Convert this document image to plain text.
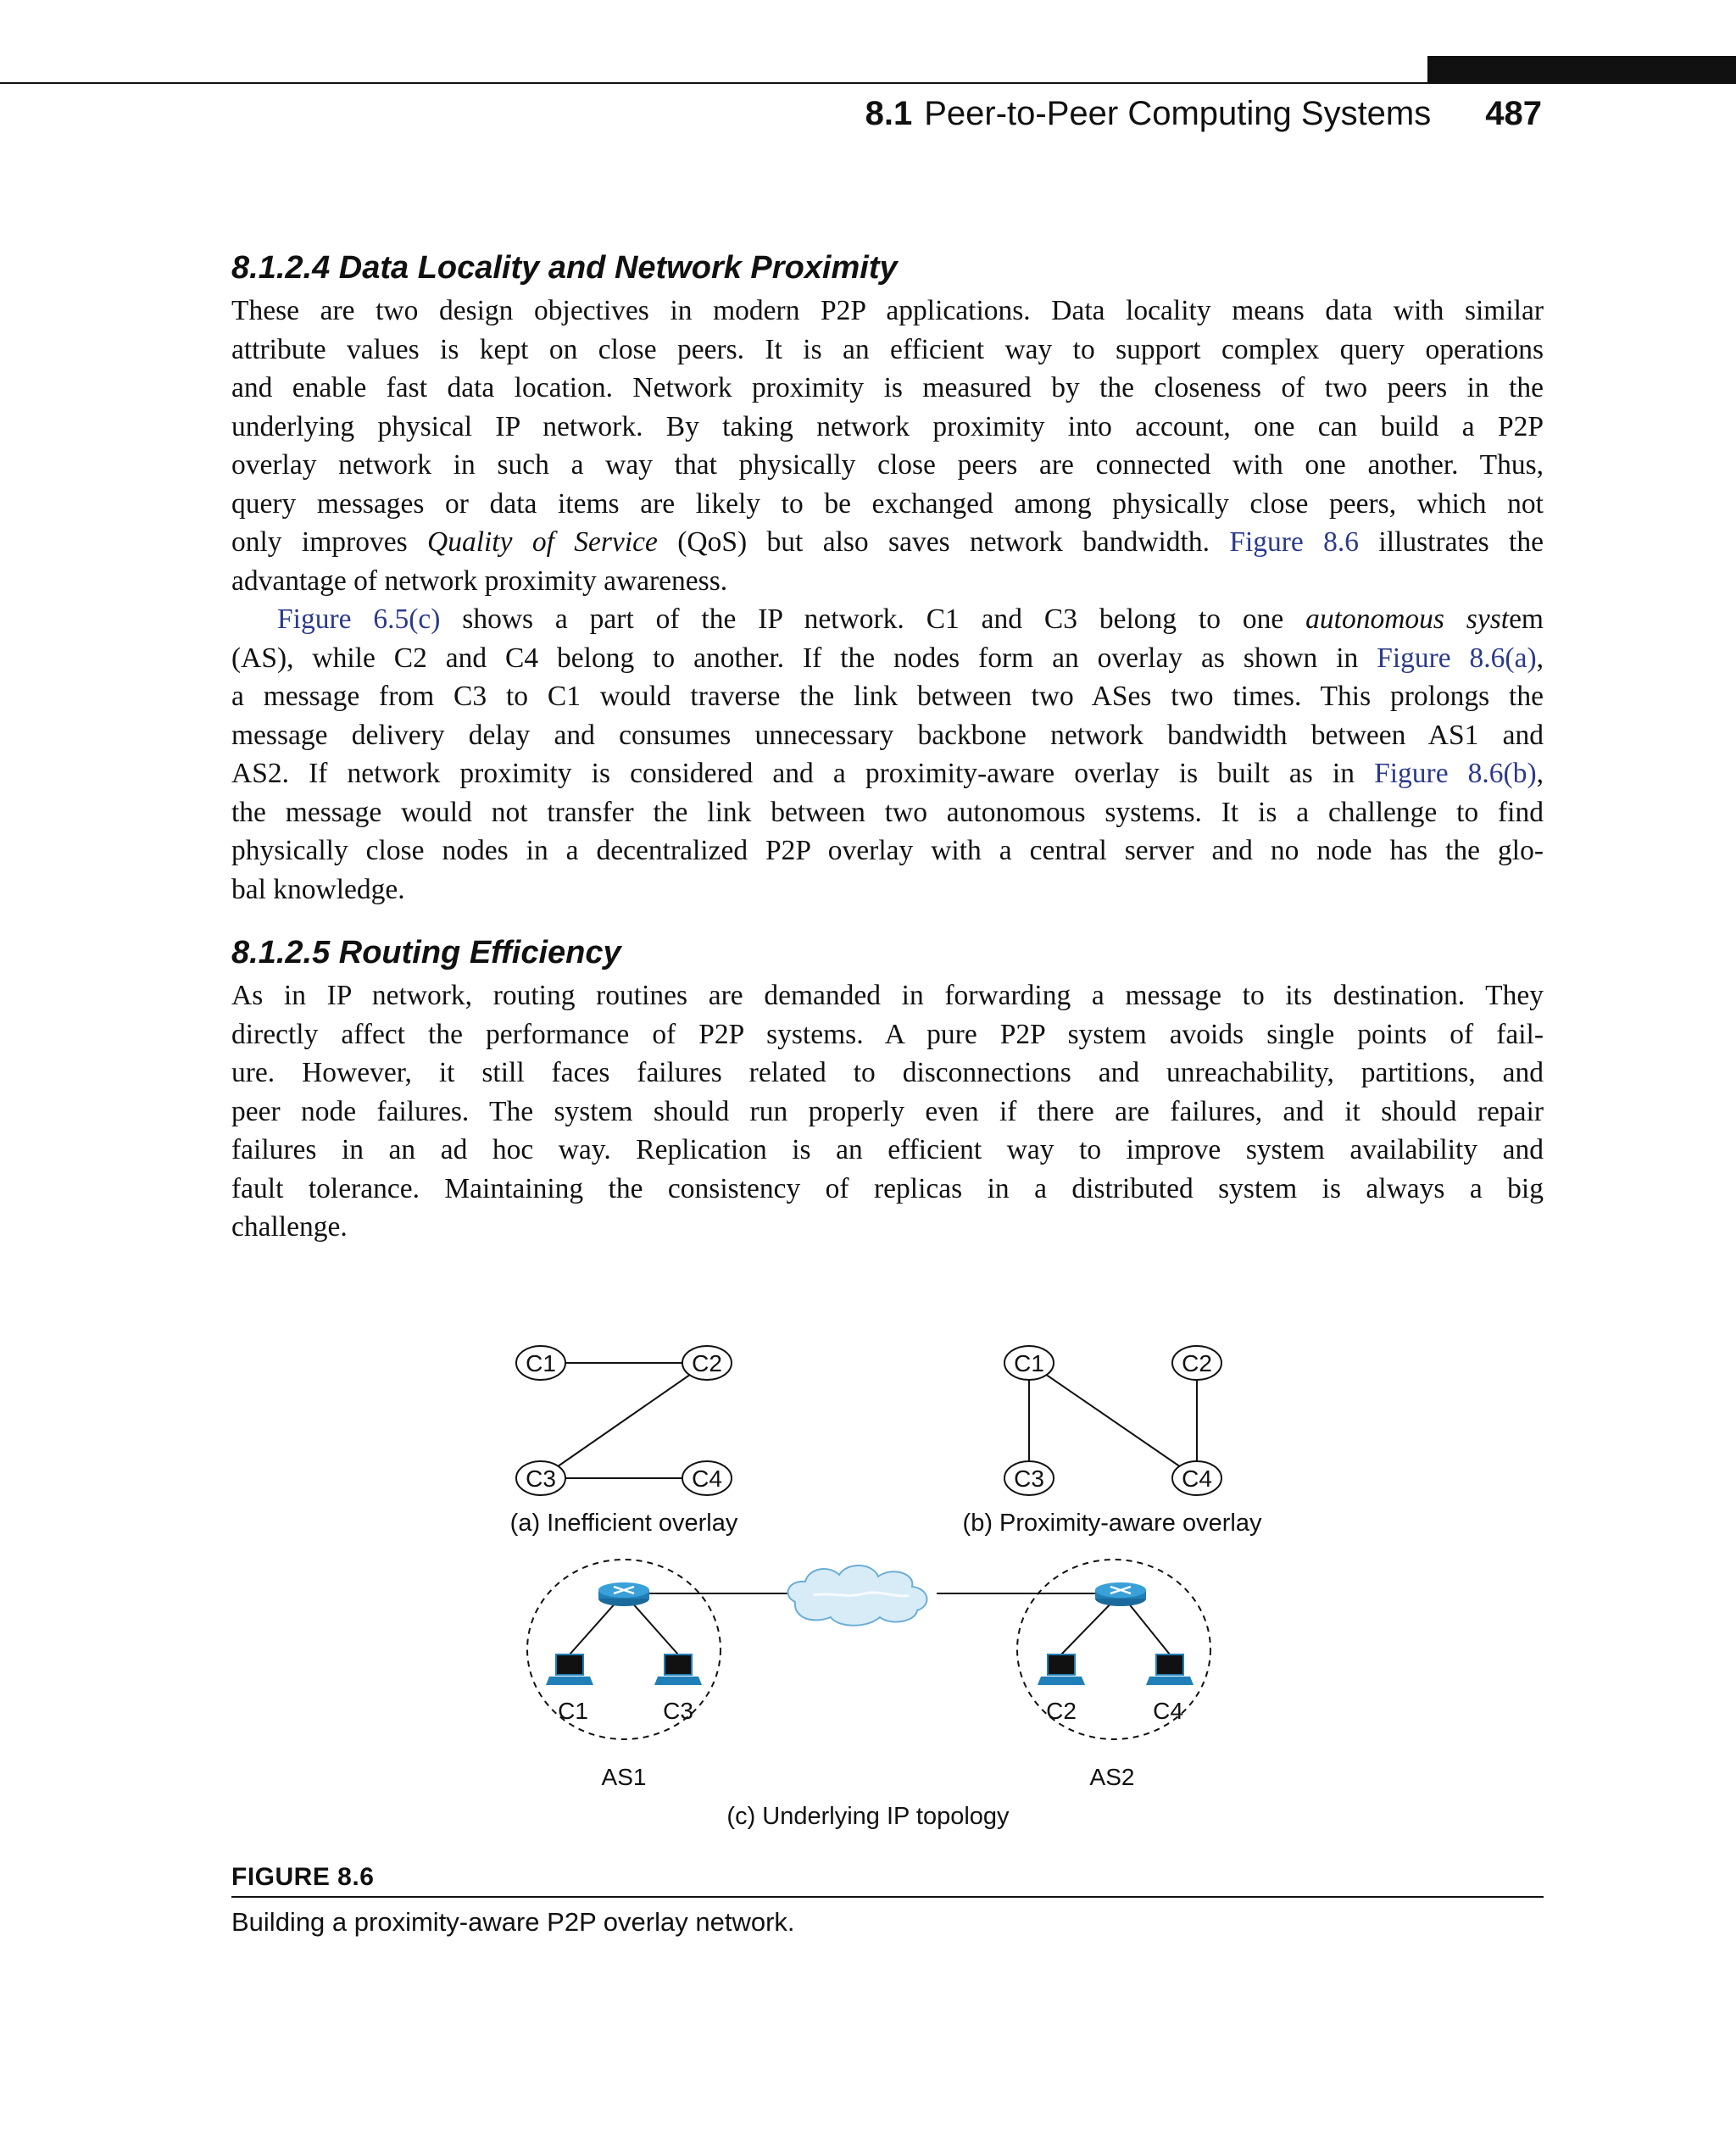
8.1 Peer-to-Peer Computing Systems 487
8.1.2.4 Data Locality and Network Proximity

These are two design objectives in modern P2P applications. Data locality means data with similar
attribute values is kept on close peers. It is an efficient way to support complex query operations
and enable fast data location. Network proximity is measured by the closeness of two peers in the
underlying physical IP network. By taking network proximity into account, one can build a P2P
overlay network in such a way that physically close peers are connected with one another. Thus,
query messages or data items are likely to be exchanged among physically close peers, which not
only improves Quality of Service (QoS) but also saves network bandwidth. Figure 8.6 illustrates the
advantage of network proximity awareness.

Figure 6.5(c) shows a part of the IP network. C1 and C3 belong to one autonomous system
(AS), while C2 and C4 belong to another. If the nodes form an overlay as shown in Figure 8.6(a),
a message from C3 to C1 would traverse the link between two ASes two times. This prolongs the
message delivery delay and consumes unnecessary backbone network bandwidth between AS1 and
AS2. If network proximity is considered and a proximity-aware overlay is built as in Figure 8.6(b),
the message would not transfer the link between two autonomous systems. It is a challenge to find
physically close nodes in a decentralized P2P overlay with a central server and no node has the glo-
bal knowledge.

8.1.2.5 Routing Efficiency

As in IP network, routing routines are demanded in forwarding a message to its destination. They
directly affect the performance of P2P systems. A pure P2P system avoids single points of fail-
ure. However, it still faces failures related to disconnections and unreachability, partitions, and
peer node failures. The system should run properly even if there are failures, and it should repair
failures in an ad hoc way. Replication is an efficient way to improve system availability and
fault tolerance. Maintaining the consistency of replicas in a distributed system is always a big
challenge.

C1	C2
C3	C4
(a) Inefficient overlay
C1	C2
C3	C4
(b) Proximity-aware overlay
C1	C3
AS1
C2	C4
AS2
(c) Underlying IP topology
FIGURE 8.6
Building a proximity-aware P2P overlay network.
